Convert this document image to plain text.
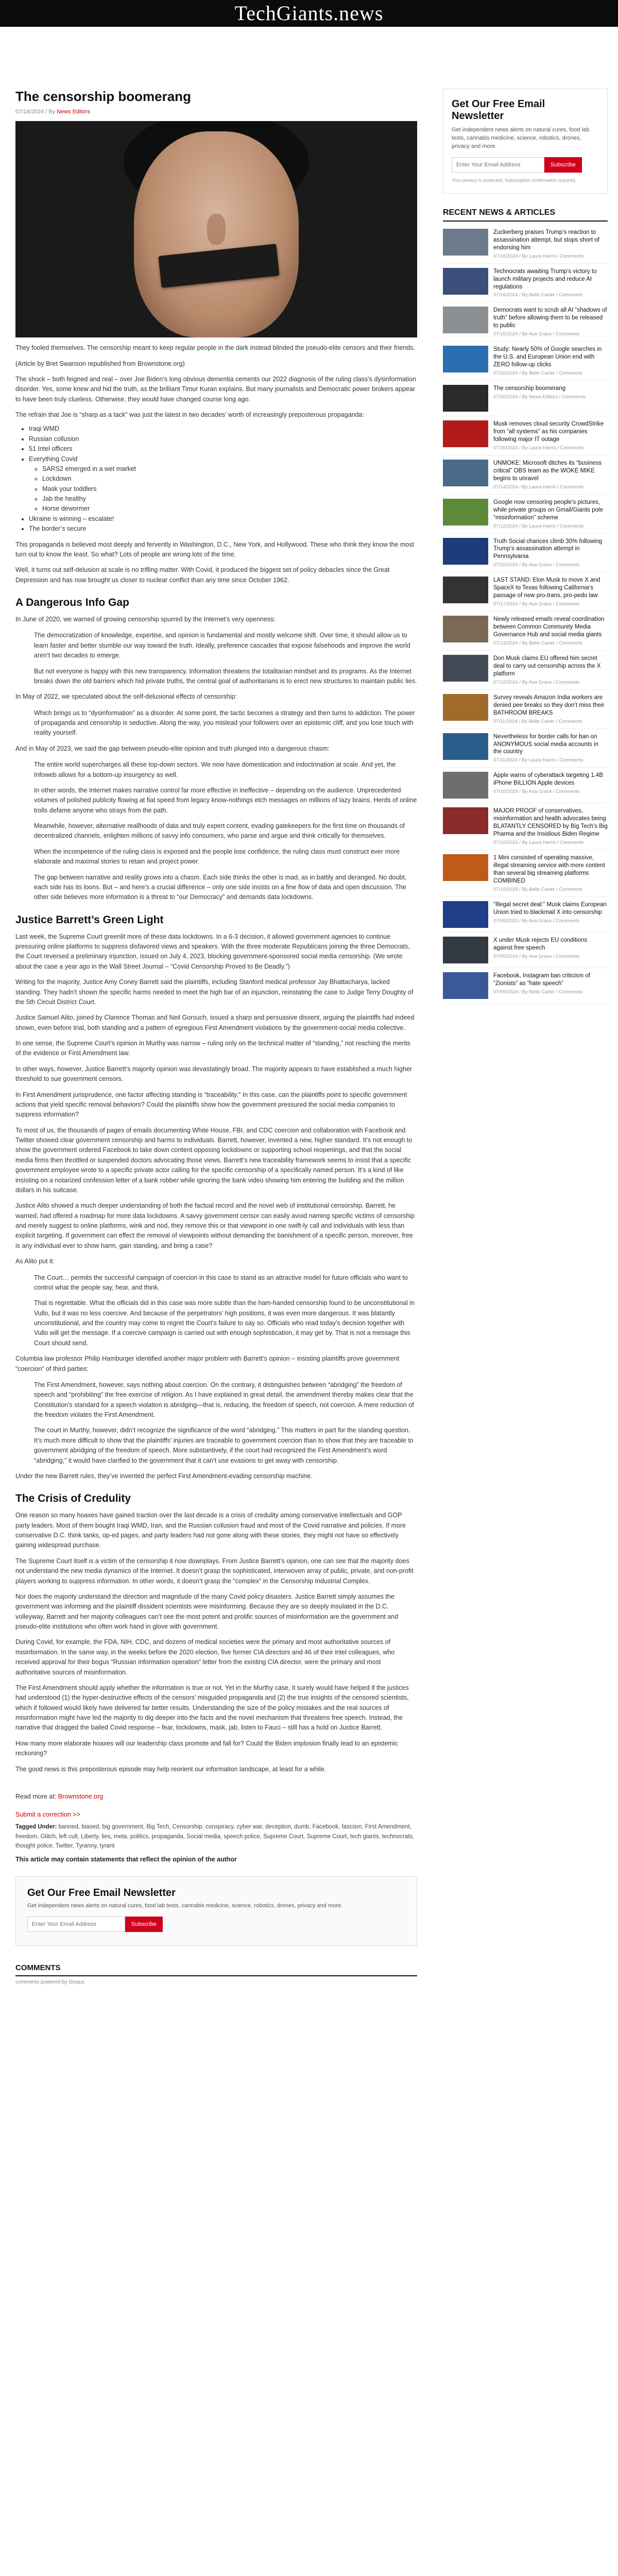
TechGiants.news
The censorship boomerang
07/16/2024 / By News Editors

They fooled themselves. The censorship meant to keep regular people in the dark instead blinded the pseudo-elite censors and their friends.

(Article by Bret Swanson republished from Brownstone.org)

The shock – both feigned and real – over Joe Biden’s long obvious dementia cements our 2022 diagnosis of the ruling class’s dysinformation disorder. Yes, some knew and hid the truth, as the brilliant Timur Kuran explains. But many journalists and Democratic power brokers appear to have been truly clueless. Otherwise, they would have changed course long ago.

The refrain that Joe is “sharp as a tack” was just the latest in two decades’ worth of increasingly preposterous propaganda:

• Iraqi WMD
• Russian collusion
• 51 Intel officers
• Everything Covid
◦ SARS2 emerged in a wet market
◦ Lockdown
◦ Mask your toddlers
◦ Jab the healthy
◦ Horse dewormer
• Ukraine is winning – escalate!
• The border’s secure

This propaganda is believed most deeply and fervently in Washington, D.C., New York, and Hollywood. These who think they know the most turn out to know the least. So what? Lots of people are wrong lots of the time.

Well, it turns out self-delusion at scale is no trifling matter. With Covid, it produced the biggest set of policy debacles since the Great Depression and has now brought us closer to nuclear conflict than any time since October 1962.

A Dangerous Info Gap

In June of 2020, we warned of growing censorship spurred by the Internet’s very openness:

The democratization of knowledge, expertise, and opinion is fundamental and mostly welcome shift. Over time, it should allow us to learn faster and better stumble our way toward the truth. Ideally, preference cascades that expose falsehoods and improve the world aren’t two decades to emerge.

But not everyone is happy with this new transparency. Information threatens the totalitarian mindset and its programs. As the Internet breaks down the old barriers which hid private truths, the central goal of authoritarians is to erect new structures to maintain public lies.

In May of 2022, we speculated about the self-delusional effects of censorship:

Which brings us to “dysinformation” as a disorder. At some point, the tactic becomes a strategy and then turns to addiction. The power of propaganda and censorship is seductive. Along the way, you mislead your followers over an epistemic cliff, and you lose touch with reality yourself.

And in May of 2023, we said the gap between pseudo-elite opinion and truth plunged into a dangerous chasm:

The entire world supercharges all these top-down sectors. We now have domestication and indoctrination at scale. And yet, the Infoweb allows for a bottom-up insurgency as well.

In other words, the Internet makes narrative control far more effective in ineffective – depending on the audience. Unprecedented volumes of polished publicity flowing at fiat speed from legacy know-nothings etch messages on millions of lazy brains. Herds of online trolls defame anyone who strays from the path.

Meanwhile, however, alternative reallhoods of data and truly expert content, evading gatekeepers for the first time on thousands of decentralized channels, enlighten millions of savvy info consumers, who parse and argue and think critically for themselves.

When the incompetence of the ruling class is exposed and the people lose confidence, the ruling class must construct ever more elaborate and maximal stories to retain and project power.

The gap between narrative and reality grows into a chasm. Each side thinks the other is mad, as in battily and deranged. No doubt, each side has its loons. But – and here’s a crucial difference – only one side insists on a fine flow of data and open discussion. The other side believes more information is a threat to “our Democracy” and demands data lockdowns.

Justice Barrett’s Green Light

Last week, the Supreme Court greenlit more of these data lockdowns. In a 6-3 decision, it allowed government agencies to continue pressuring online platforms to suppress disfavored views and speakers. With the three moderate Republicans joining the three Democrats, the Court reversed a preliminary injunction, issued on July 4, 2023, blocking government-sponsored social media censorship. (We wrote about the case a year ago in the Wall Street Journal – “Covid Censorship Proved to Be Deadly.”)

Writing for the majority, Justice Amy Coney Barrett said the plaintiffs, including Stanford medical professor Jay Bhattacharya, lacked standing. They hadn’t shown the specific harms needed to meet the high bar of an injunction, reinstating the case to Judge Terry Doughty of the 5th Circuit District Court.

Justice Samuel Alito, joined by Clarence Thomas and Neil Gorsuch, issued a sharp and persuasive dissent, arguing the plaintiffs had indeed shown, even before trial, both standing and a pattern of egregious First Amendment violations by the government-social media collective.

In one sense, the Supreme Court’s opinion in Murthy was narrow – ruling only on the technical matter of “standing,” not reaching the merits of the evidence or First Amendment law.

In other ways, however, Justice Barrett’s majority opinion was devastatingly broad. The majority appears to have established a much higher threshold to sue government censors.

In First Amendment jurisprudence, one factor affecting standing is “traceability.” In this case, can the plaintiffs point to specific government actions that yield specific removal behaviors? Could the plaintiffs show how the government pressured the social media companies to suppress information?

To most of us, the thousands of pages of emails documenting White House, FBI, and CDC coercion and collaboration with Facebook and Twitter showed clear government censorship and harms to individuals. Barrett, however, invented a new, higher standard. It’s not enough to show the government ordered Facebook to take down content opposing lockdowns or supporting school reopenings, and that the social media firms then throttled or suspended doctors advocating those views. Barrett’s new traceability framework seems to insist that a specific government employee wrote to a specific private actor calling for the specific censorship of a specifically named person. It’s a kind of like insisting on a notarized confession letter of a bank robber while ignoring the bank video showing him entering the building and the million dollars in his suitcase.

Justice Alito showed a much deeper understanding of both the factual record and the novel web of institutional censorship. Barrett, he warned, had offered a roadmap for more data lockdowns. A savvy government censor can easily avoid naming specific victims of censorship and merely suggest to online platforms, wink and nod, they remove this or that viewpoint in one swift-ly call and individuals with less than explicit targeting. If government can effect the removal of viewpoints without demanding the banishment of a specific person, moreover, free is any individual ever to show harm, gain standing, and bring a case?

As Alito put it:

The Court… permits the successful campaign of coercion in this case to stand as an attractive model for future officials who want to control what the people say, hear, and think.

That is regrettable. What the officials did in this case was more subtle than the ham-handed censorship found to be unconstitutional in Vullo, but it was no less coercive. And because of the perpetrators’ high positions, it was even more dangerous. It was blatantly unconstitutional, and the country may come to regret the Court’s failure to say so. Officials who read today’s decision together with Vullo will get the message. If a coercive campaign is carried out with enough sophistication, it may get by. That is not a message this Court should send.

Columbia law professor Philip Hamburger identified another major problem with Barrett’s opinion – insisting plaintiffs prove government “coercion” of third parties:

The First Amendment, however, says nothing about coercion. On the contrary, it distinguishes between “abridging” the freedom of speech and “prohibiting” the free exercise of religion. As I have explained in great detail, the amendment thereby makes clear that the Constitution’s standard for a speech violation is abridging—that is, reducing, the freedom of speech, not coercion. A mere reduction of the freedom violates the First Amendment.

The court in Murthy, however, didn’t recognize the significance of the word “abridging.” This matters in part for the standing question. It’s much more difficult to show that the plaintiffs’ injuries are traceable to government coercion than to show that they are traceable to government abridging of the freedom of speech. More substantively, if the court had recognized the First Amendment’s word “abridging,” it would have clarified to the government that it can’t use evasions to get away with censorship.

Under the new Barrett rules, they’ve invented the perfect First Amendment-evading censorship machine.

The Crisis of Credulity

One reason so many hoaxes have gained traction over the last decade is a crisis of credulity among conservative intellectuals and GOP party leaders. Most of them bought Iraqi WMD, Iran, and the Russian collusion fraud and most of the Covid narrative and policies. If more conservative D.C. think tanks, op-ed pages, and party leaders had not gone along with these stories, they might not have so effectively gaining widespread purchase.

The Supreme Court itself is a victim of the censorship it now downplays. From Justice Barrett’s opinion, one can see that the majority does not understand the new media dynamics of the Internet. It doesn’t grasp the sophisticated, interwoven array of public, private, and non-profit players working to suppress information. In other words, it doesn’t grasp the “complex” in the Censorship Industrial Complex.

Nor does the majority understand the direction and magnitude of the many Covid policy disasters. Justice Barrett simply assumes the government was informing and the plaintiff dissident scientists were misinforming. Because they are so deeply insulated in the D.C. volleyway, Barrett and her majority colleagues can’t see the most potent and prolific sources of misinformation are the government and pseudo-elite institutions who often work hand in glove with government.

During Covid, for example, the FDA, NIH, CDC, and dozens of medical societies were the primary and most authoritative sources of misinformation. In the same way, in the weeks before the 2020 election, five former CIA directors and 46 of their intel colleagues, who received approval for their bogus “Russian information operation” letter from the existing CIA director, were the primary and most authoritative sources of misinformation.

The First Amendment should apply whether the information is true or not. Yet in the Murthy case, it surely would have helped if the justices had understood (1) the hyper-destructive effects of the censors’ misguided propaganda and (2) the true insights of the censored scientists, which if followed would likely have delivered far better results. Understanding the size of the policy mistakes and the real sources of misinformation might have led the majority to dig deeper into the facts and the novel mechanism that threatens free speech. Instead, the narrative that dragged the bailed Covid response – fear, lockdowns, mask, jab, listen to Fauci – still has a hold on Justice Barrett.

How many more elaborate hoaxes will our leadership class promote and fall for? Could the Biden implosion finally lead to an epistemic reckoning?

The good news is this preposterous episode may help reorient our information landscape, at least for a while.

Read more at: Brownstone.org

Submit a correction >>
Tagged Under: banned, biased, big government, Big Tech, Censorship, conspiracy, cyber war, deception, dumb, Facebook, fascism, First Amendment, freedom, Glitch, left cult, Liberty, lies, meta, politics, propaganda, Social media, speech police, Supreme Court, Supreme Court, tech giants, technocrats, thought police, Twitter, Tyranny, tyrant
This article may contain statements that reflect the opinion of the author
Get Our Free Email Newsletter

Get independent news alerts on natural cures, food lab tests, cannabis medicine, science, robotics, drones, privacy and more.

Enter Your Email Address
Subscribe
COMMENTS
comments powered by Disqus
Get Our Free Email Newsletter

Get independent news alerts on natural cures, food lab tests, cannabis medicine, science, robotics, drones, privacy and more.

Enter Your Email Address
Subscribe
Your privacy is protected. Subscription confirmation required.
RECENT NEWS & ARTICLES
Zuckerberg praises Trump’s reaction to assassination attempt, but stops short of endorsing him
07/16/2024 / By Laura Harris / Comments
Technocrats awaiting Trump’s victory to launch military projects and reduce AI regulations
07/16/2024 / By Belle Carter / Comments
Democrats want to scrub all AI “shadows of truth” before allowing them to be released to public
07/15/2024 / By Ava Grace / Comments
Study: Nearly 50% of Google searches in the U.S. and European Union end with ZERO follow-up clicks
07/15/2024 / By Belle Carter / Comments
The censorship boomerang
07/16/2024 / By News Editors / Comments
Musk removes cloud security CrowdStrike from “all systems” as his companies following major IT outage
07/20/2024 / By Laura Harris / Comments
UNMOKE: Microsoft ditches its “business critical” OBS team as the WOKE MIKE begins to unravel
07/14/2024 / By Laura Harris / Comments
Google now censoring people’s pictures, while private groups on Gmail/Giants pole “misinformation” scheme
07/12/2024 / By Laura Harris / Comments
Truth Social chances climb 30% following Trump’s assassination attempt in Pennsylvania
07/15/2024 / By Ava Grace / Comments
LAST STAND: Elon Musk to move X and SpaceX to Texas following California’s passage of new pro-trans, pro-pedo law
07/17/2024 / By Ava Grace / Comments
Newly released emails reveal coordination between Common Community Media Governance Hub and social media giants
07/13/2024 / By Belle Carter / Comments
Don Musk claims EU offered him secret deal to carry out censorship across the X platform
07/12/2024 / By Ava Grace / Comments
Survey reveals Amazon India workers are denied pee breaks so they don’t miss their BATHROOM BREAKS
07/11/2024 / By Belle Carter / Comments
Nevertheless for border calls for ban on ANONYMOUS social media accounts in the country
07/11/2024 / By Laura Harris / Comments
Apple warns of cyberattack targeting 1.4B iPhone BILLION Apple devices
07/10/2024 / By Ava Grace / Comments
MAJOR PROOF of conservatives, misinformation and health advocates being BLATANTLY CENSORED by Big Tech’s Big Pharma and the Insidious Biden Regime
07/10/2024 / By Laura Harris / Comments
1 Mini consisted of operating massive, illegal streaming service with more content than several big streaming platforms COMBINED
07/10/2024 / By Belle Carter / Comments
“Illegal secret deal:” Musk claims European Union tried to blackmail X into censorship
07/09/2024 / By Ava Grace / Comments
X under Musk rejects EU conditions against free speech
07/09/2024 / By Ava Grace / Comments
Facebook, Instagram ban criticism of “Zionists” as “hate speech”
07/09/2024 / By Belle Carter / Comments
